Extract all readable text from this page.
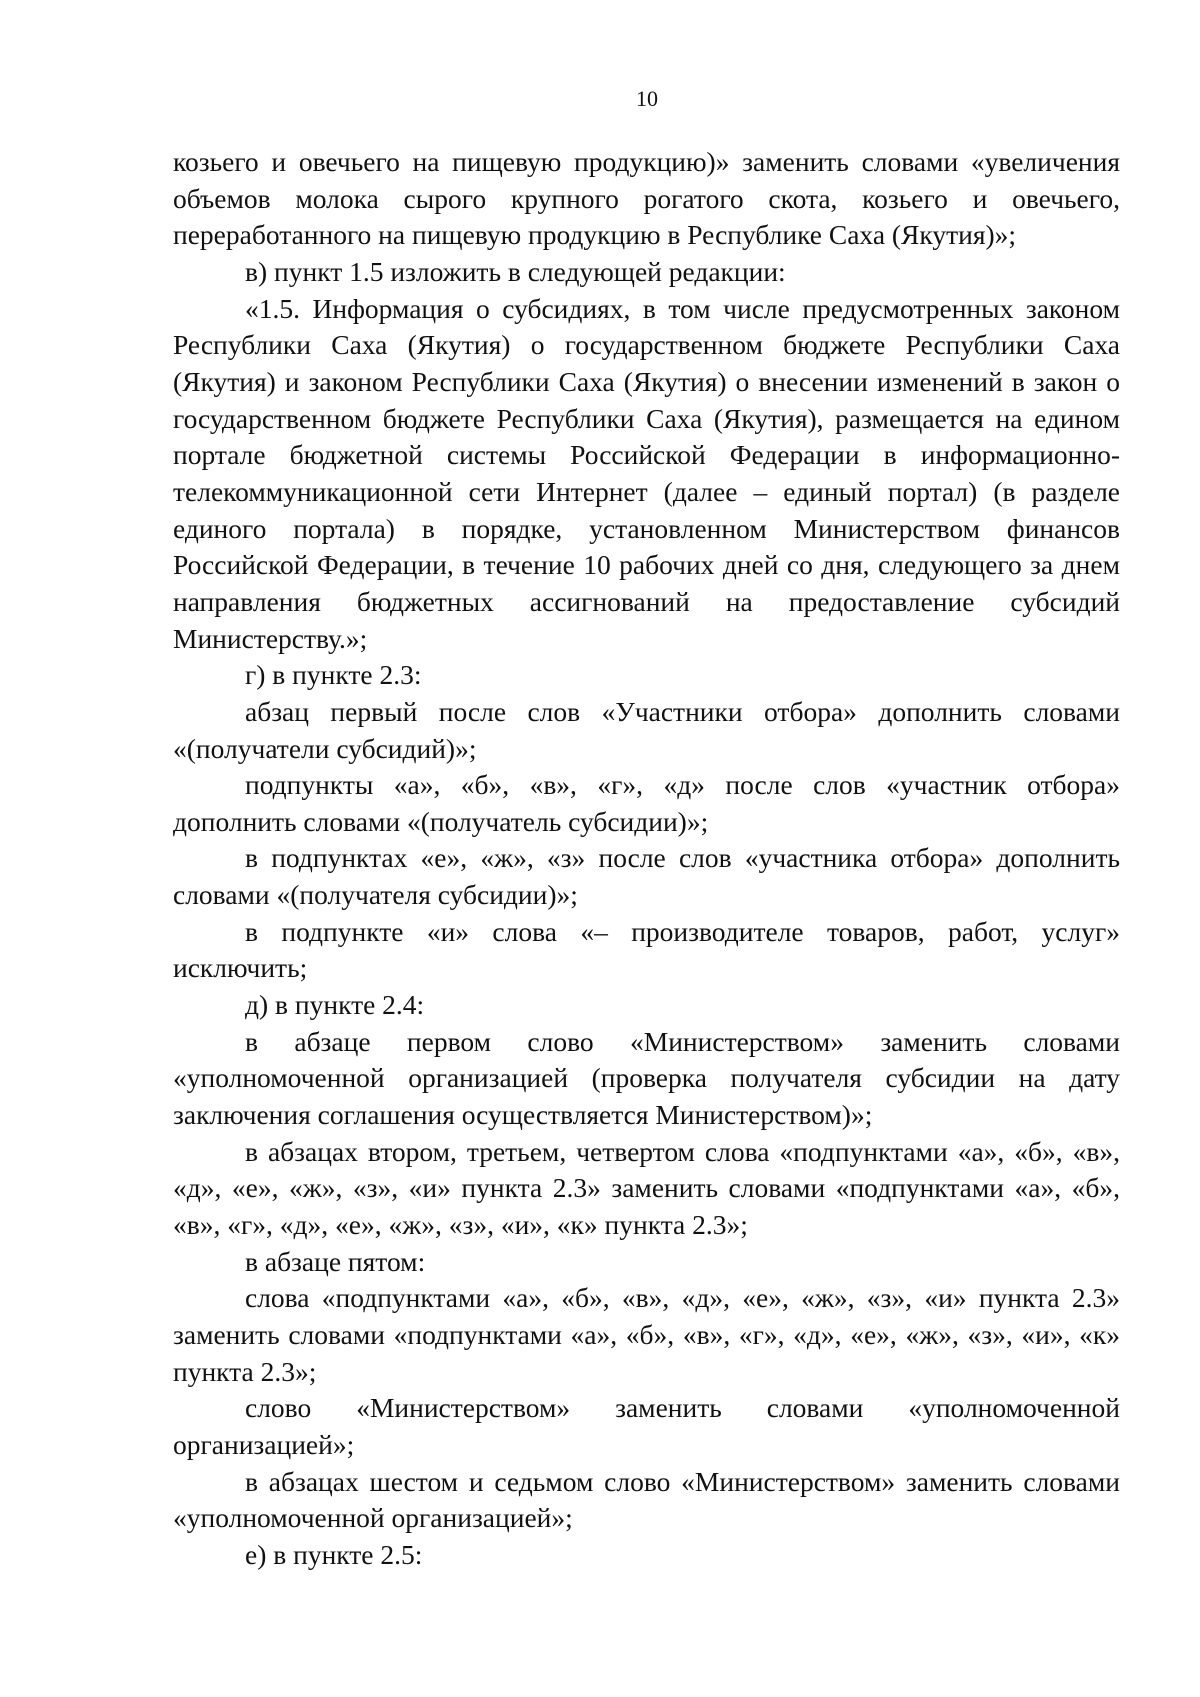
10

козьего и овечьего на пищевую продукцию)» заменить словами «увеличения объемов молока сырого крупного рогатого скота, козьего и овечьего, переработанного на пищевую продукцию в Республике Саха (Якутия)»;

в) пункт 1.5 изложить в следующей редакции:

«1.5. Информация о субсидиях, в том числе предусмотренных законом Республики Саха (Якутия) о государственном бюджете Республики Саха (Якутия) и законом Республики Саха (Якутия) о внесении изменений в закон о государственном бюджете Республики Саха (Якутия), размещается на едином портале бюджетной системы Российской Федерации в информационно-телекоммуникационной сети Интернет (далее – единый портал) (в разделе единого портала) в порядке, установленном Министерством финансов Российской Федерации, в течение 10 рабочих дней со дня, следующего за днем направления бюджетных ассигнований на предоставление субсидий Министерству.»;

г) в пункте 2.3:

абзац первый после слов «Участники отбора» дополнить словами «(получатели субсидий)»;

подпункты «а», «б», «в», «г», «д» после слов «участник отбора» дополнить словами «(получатель субсидии)»;

в подпунктах «е», «ж», «з» после слов «участника отбора» дополнить словами «(получателя субсидии)»;

в подпункте «и» слова «– производителе товаров, работ, услуг» исключить;

д) в пункте 2.4:

в абзаце первом слово «Министерством» заменить словами «уполномоченной организацией (проверка получателя субсидии на дату заключения соглашения осуществляется Министерством)»;

в абзацах втором, третьем, четвертом слова «подпунктами «а», «б», «в», «д», «е», «ж», «з», «и» пункта 2.3» заменить словами «подпунктами «а», «б», «в», «г», «д», «е», «ж», «з», «и», «к» пункта 2.3»;

в абзаце пятом:

слова «подпунктами «а», «б», «в», «д», «е», «ж», «з», «и» пункта 2.3» заменить словами «подпунктами «а», «б», «в», «г», «д», «е», «ж», «з», «и», «к» пункта 2.3»;

слово «Министерством» заменить словами «уполномоченной организацией»;

в абзацах шестом и седьмом слово «Министерством» заменить словами «уполномоченной организацией»;

е) в пункте 2.5:
